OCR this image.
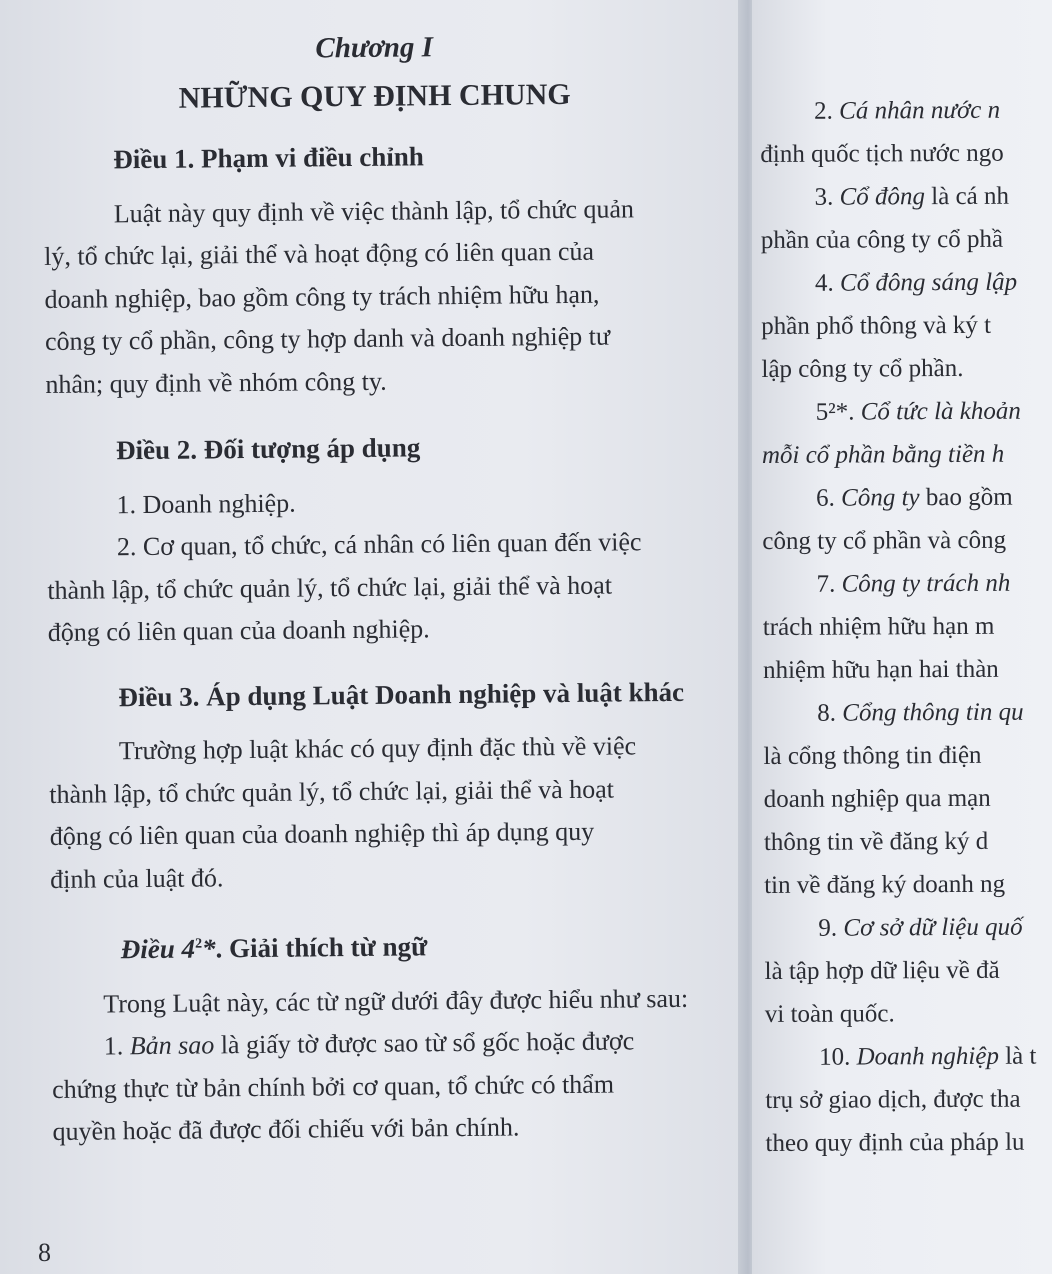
Chương I
NHỮNG QUY ĐỊNH CHUNG
Điều 1. Phạm vi điều chỉnh
Luật này quy định về việc thành lập, tổ chức quản
lý, tổ chức lại, giải thể và hoạt động có liên quan của
doanh nghiệp, bao gồm công ty trách nhiệm hữu hạn,
công ty cổ phần, công ty hợp danh và doanh nghiệp tư
nhân; quy định về nhóm công ty.
Điều 2. Đối tượng áp dụng
1. Doanh nghiệp.
2. Cơ quan, tổ chức, cá nhân có liên quan đến việc
thành lập, tổ chức quản lý, tổ chức lại, giải thể và hoạt
động có liên quan của doanh nghiệp.
Điều 3. Áp dụng Luật Doanh nghiệp và luật khác
Trường hợp luật khác có quy định đặc thù về việc
thành lập, tổ chức quản lý, tổ chức lại, giải thể và hoạt
động có liên quan của doanh nghiệp thì áp dụng quy
định của luật đó.
Điều $4^2*$. Giải thích từ ngữ
Trong Luật này, các từ ngữ dưới đây được hiểu như sau:
1. Bản sao là giấy tờ được sao từ sổ gốc hoặc được
chứng thực từ bản chính bởi cơ quan, tổ chức có thẩm
quyền hoặc đã được đối chiếu với bản chính.
8
2. Cá nhân nước n
định quốc tịch nước ngo
3. Cổ đông là cá nh
phần của công ty cổ phầ
4. Cổ đông sáng lập
phần phổ thông và ký t
lập công ty cổ phần.
5²*. Cổ tức là khoản
mỗi cổ phần bằng tiền h
6. Công ty bao gồm
công ty cổ phần và công
7. Công ty trách nh
trách nhiệm hữu hạn m
nhiệm hữu hạn hai thàn
8. Cổng thông tin qu
là cổng thông tin điện
doanh nghiệp qua mạn
thông tin về đăng ký d
tin về đăng ký doanh ng
9. Cơ sở dữ liệu quố
là tập hợp dữ liệu về đă
vi toàn quốc.
10. Doanh nghiệp là t
trụ sở giao dịch, được tha
theo quy định của pháp lu
